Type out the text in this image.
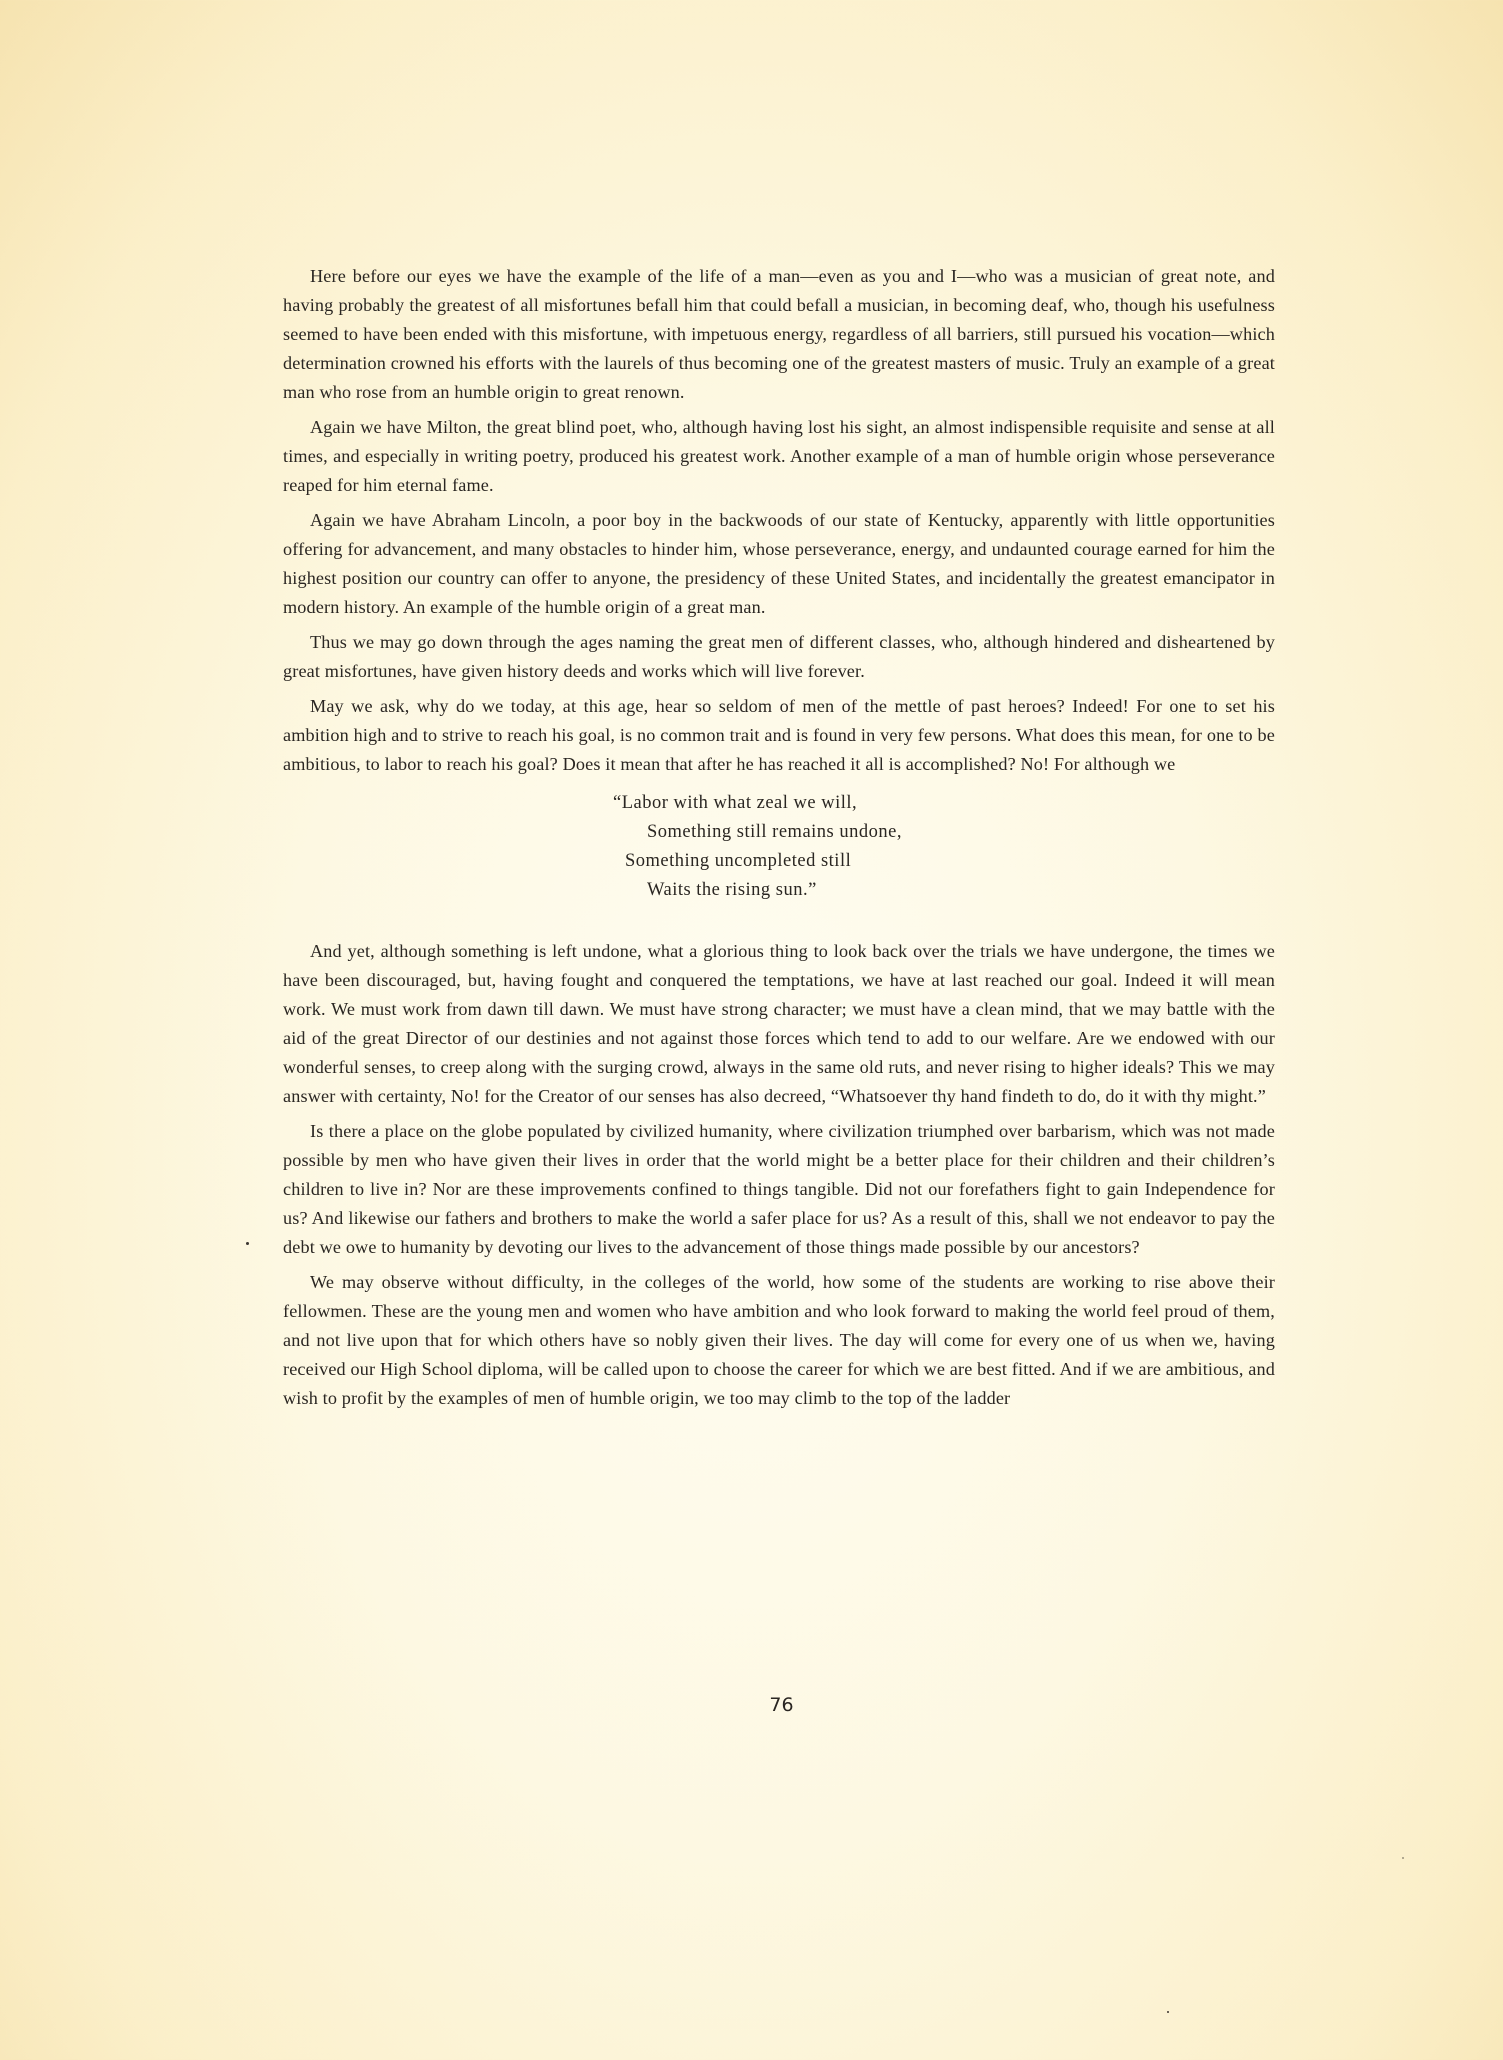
Here before our eyes we have the example of the life of a man—even as you and I—who was a musician of great note, and having probably the greatest of all misfortunes befall him that could befall a musician, in becoming deaf, who, though his usefulness seemed to have been ended with this misfortune, with impetuous energy, regardless of all barriers, still pursued his vocation—which determination crowned his efforts with the laurels of thus becoming one of the greatest masters of music. Truly an example of a great man who rose from an humble origin to great renown.

Again we have Milton, the great blind poet, who, although having lost his sight, an almost indispensible requisite and sense at all times, and especially in writing poetry, produced his greatest work. Another example of a man of humble origin whose perseverance reaped for him eternal fame.

Again we have Abraham Lincoln, a poor boy in the backwoods of our state of Kentucky, apparently with little opportunities offering for advancement, and many obstacles to hinder him, whose perseverance, energy, and undaunted courage earned for him the highest position our country can offer to anyone, the presidency of these United States, and incidentally the greatest emancipator in modern history. An example of the humble origin of a great man.

Thus we may go down through the ages naming the great men of different classes, who, although hindered and disheartened by great misfortunes, have given history deeds and works which will live forever.

May we ask, why do we today, at this age, hear so seldom of men of the mettle of past heroes? Indeed! For one to set his ambition high and to strive to reach his goal, is no common trait and is found in very few persons. What does this mean, for one to be ambitious, to labor to reach his goal? Does it mean that after he has reached it all is accomplished? No! For although we

“Labor with what zeal we will,
Something still remains undone,
Something uncompleted still
Waits the rising sun.”

And yet, although something is left undone, what a glorious thing to look back over the trials we have undergone, the times we have been discouraged, but, having fought and conquered the temptations, we have at last reached our goal. Indeed it will mean work. We must work from dawn till dawn. We must have strong character; we must have a clean mind, that we may battle with the aid of the great Director of our destinies and not against those forces which tend to add to our welfare. Are we endowed with our wonderful senses, to creep along with the surging crowd, always in the same old ruts, and never rising to higher ideals? This we may answer with certainty, No! for the Creator of our senses has also decreed, “Whatsoever thy hand findeth to do, do it with thy might.”

Is there a place on the globe populated by civilized humanity, where civilization triumphed over barbarism, which was not made possible by men who have given their lives in order that the world might be a better place for their children and their children’s children to live in? Nor are these improvements confined to things tangible. Did not our forefathers fight to gain Independence for us? And likewise our fathers and brothers to make the world a safer place for us? As a result of this, shall we not endeavor to pay the debt we owe to humanity by devoting our lives to the advancement of those things made possible by our ancestors?

We may observe without difficulty, in the colleges of the world, how some of the students are working to rise above their fellowmen. These are the young men and women who have ambition and who look forward to making the world feel proud of them, and not live upon that for which others have so nobly given their lives. The day will come for every one of us when we, having received our High School diploma, will be called upon to choose the career for which we are best fitted. And if we are ambitious, and wish to profit by the examples of men of humble origin, we too may climb to the top of the ladder

76
